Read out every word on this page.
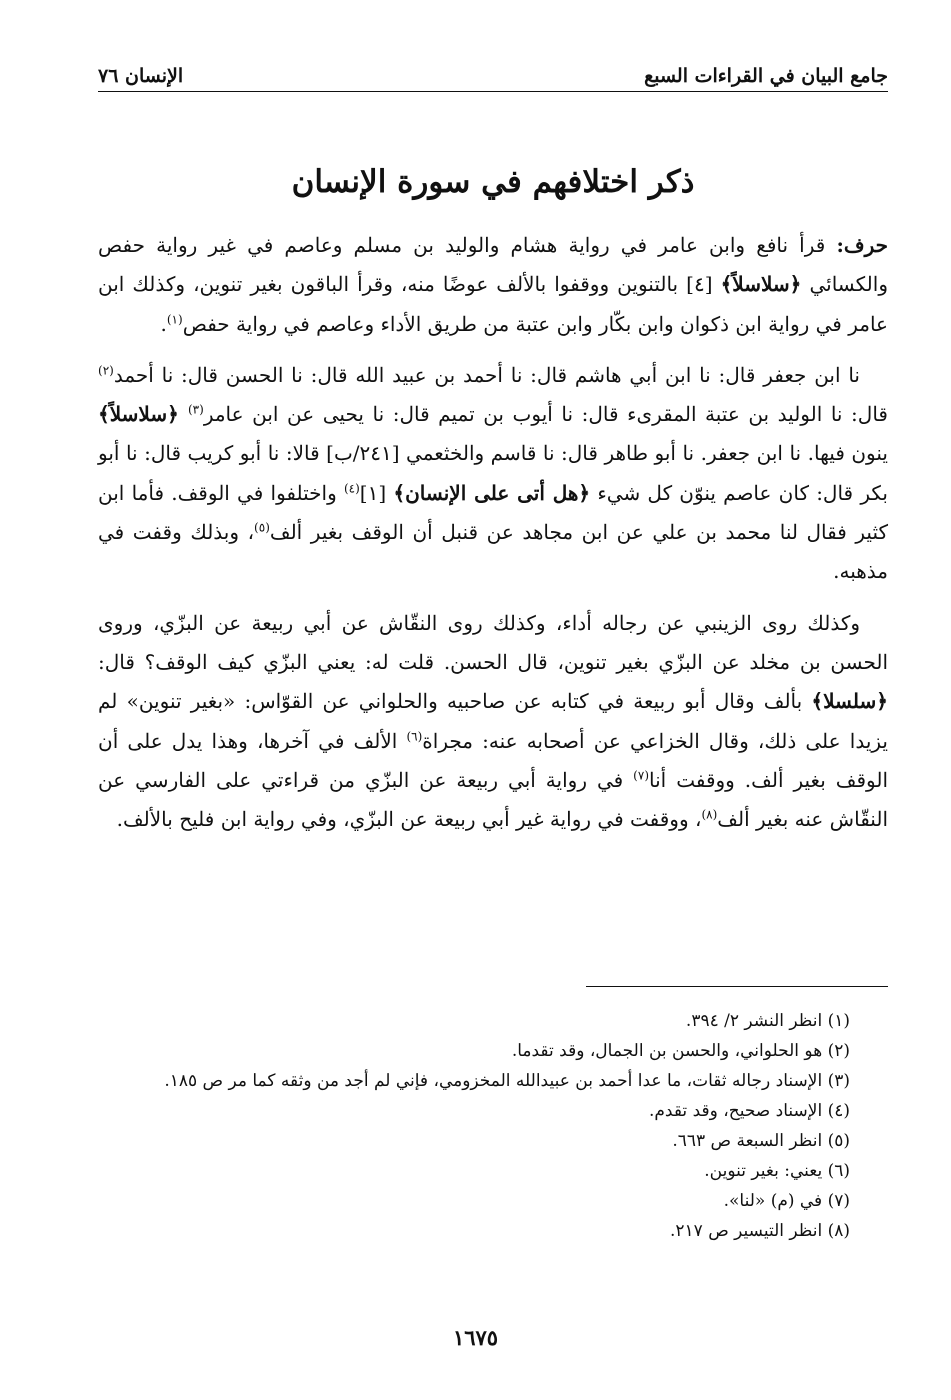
جامع البيان في القراءات السبع
الإنسان ٧٦
ذكر اختلافهم في سورة الإنسان

حرف: قرأ نافع وابن عامر في رواية هشام والوليد بن مسلم وعاصم في غير رواية حفص والكسائي ﴿سلاسلاً﴾ [٤] بالتنوين ووقفوا بالألف عوضًا منه، وقرأ الباقون بغير تنوين، وكذلك ابن عامر في رواية ابن ذكوان وابن بكّار وابن عتبة من طريق الأداء وعاصم في رواية حفص$^{(١)}$.

نا ابن جعفر قال: نا ابن أبي هاشم قال: نا أحمد بن عبيد الله قال: نا الحسن قال: نا أحمد$^{(٢)}$ قال: نا الوليد بن عتبة المقرىء قال: نا أيوب بن تميم قال: نا يحيى عن ابن عامر$^{(٣)}$ ﴿سلاسلاً﴾ ينون فيها. نا ابن جعفر. نا أبو طاهر قال: نا قاسم والخثعمي [٢٤١/ب] قالا: نا أبو كريب قال: نا أبو بكر قال: كان عاصم ينوّن كل شيء ﴿هل أتى على الإنسان﴾ [١]$^{(٤)}$ واختلفوا في الوقف. فأما ابن كثير فقال لنا محمد بن علي عن ابن مجاهد عن قنبل أن الوقف بغير ألف$^{(٥)}$، وبذلك وقفت في مذهبه.

وكذلك روى الزينبي عن رجاله أداء، وكذلك روى النقّاش عن أبي ربيعة عن البزّي، وروى الحسن بن مخلد عن البزّي بغير تنوين، قال الحسن. قلت له: يعني البزّي كيف الوقف؟ قال: ﴿سلسلا﴾ بألف وقال أبو ربيعة في كتابه عن صاحبيه والحلواني عن القوّاس: «بغير تنوين» لم يزيدا على ذلك، وقال الخزاعي عن أصحابه عنه: مجراة$^{(٦)}$ الألف في آخرها، وهذا يدل على أن الوقف بغير ألف. ووقفت أنا$^{(٧)}$ في رواية أبي ربيعة عن البزّي من قراءتي على الفارسي عن النقّاش عنه بغير ألف$^{(٨)}$، ووقفت في رواية غير أبي ربيعة عن البزّي، وفي رواية ابن فليح بالألف.

(١) انظر النشر ٢/ ٣٩٤.
(٢) هو الحلواني، والحسن بن الجمال، وقد تقدما.
(٣) الإسناد رجاله ثقات، ما عدا أحمد بن عبيدالله المخزومي، فإني لم أجد من وثقه كما مر ص ١٨٥.
(٤) الإسناد صحيح، وقد تقدم.
(٥) انظر السبعة ص ٦٦٣.
(٦) يعني: بغير تنوين.
(٧) في (م) «لنا».
(٨) انظر التيسير ص ٢١٧.
١٦٧٥
